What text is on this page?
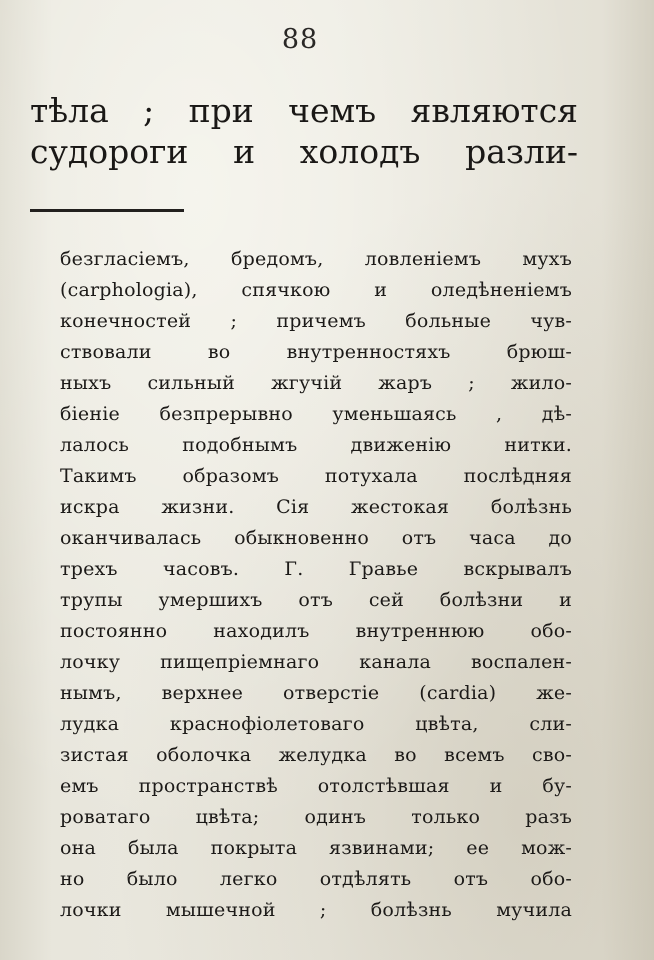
88

тѣла ; при чемъ являются

судороги и холодъ разли-

безгласіемъ, бредомъ, ловленіемъ мухъ

(carphologia), спячкою и оледѣненіемъ

конечностей ; причемъ больные чув-

ствовали во внутренностяхъ брюш-

ныхъ сильный жгучій жаръ ; жило-

біеніе безпрерывно уменьшаясь , дѣ-

лалось подобнымъ движенію нитки.

Такимъ образомъ потухала послѣдняя

искра жизни. Сія жестокая болѣзнь

оканчивалась обыкновенно отъ часа до

трехъ часовъ. Г. Гравье вскрывалъ

трупы умершихъ отъ сей болѣзни и

постоянно находилъ внутреннюю обо-

лочку пищепріемнаго канала воспален-

нымъ, верхнее отверстіе (cardia) же-

лудка краснофіолетоваго цвѣта, сли-

зистая оболочка желудка во всемъ сво-

емъ пространствѣ отолстѣвшая и бу-

роватаго цвѣта; одинъ только разъ

она была покрыта язвинами; ее мож-

но было легко отдѣлять отъ обо-

лочки мышечной ; болѣзнь мучила
